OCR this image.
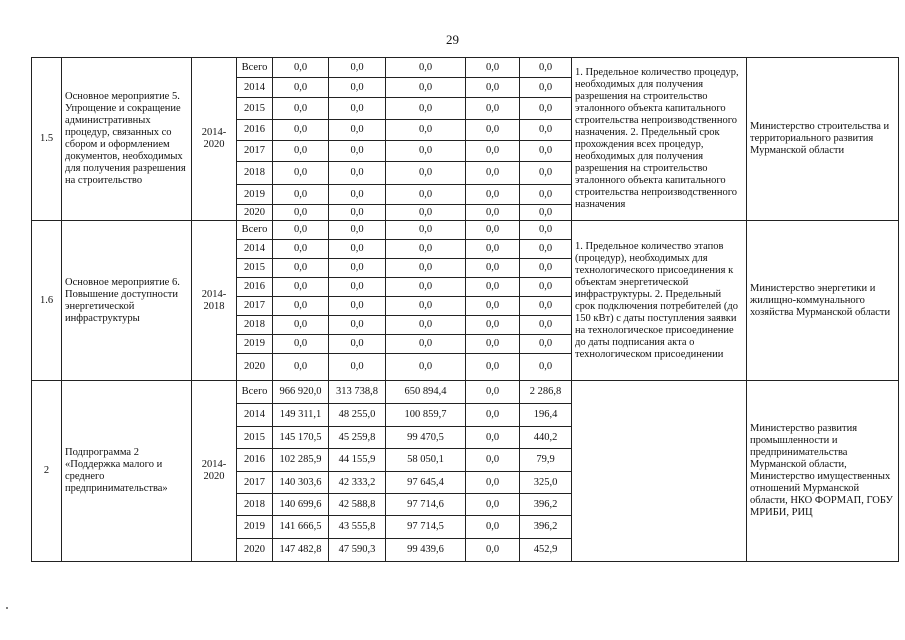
29
1.5	Основное мероприятие 5. Упрощение и сокращение административных процедур, связанных со сбором и оформлением документов, необходимых для получения разрешения на строительство	2014-2020	Всего	0,0	0,0	0,0	0,0	0,0	1. Предельное количество процедур, необходимых для получения разрешения на строительство эталонного объекта капитального строительства непроизводственного назначения. 2. Предельный срок прохождения всех процедур, необходимых для получения разрешения на строительство эталонного объекта капитального строительства непроизводственного назначения	Министерство строительства и территориального развития Мурманской области
			2014	0,0	0,0	0,0	0,0	0,0		
			2015	0,0	0,0	0,0	0,0	0,0		
			2016	0,0	0,0	0,0	0,0	0,0		
			2017	0,0	0,0	0,0	0,0	0,0		
			2018	0,0	0,0	0,0	0,0	0,0		
			2019	0,0	0,0	0,0	0,0	0,0		
			2020	0,0	0,0	0,0	0,0	0,0		
1.6	Основное мероприятие 6. Повышение доступности энергетической инфраструктуры	2014-2018	Всего	0,0	0,0	0,0	0,0	0,0	1. Предельное количество этапов (процедур), необходимых для технологического присоединения к объектам энергетической инфраструктуры. 2. Предельный срок подключения потребителей (до 150 кВт) с даты поступления заявки на технологическое присоединение до даты подписания акта о технологическом присоединении	Министерство энергетики и жилищно-коммунального хозяйства Мурманской области
			2014	0,0	0,0	0,0	0,0	0,0		
			2015	0,0	0,0	0,0	0,0	0,0		
			2016	0,0	0,0	0,0	0,0	0,0		
			2017	0,0	0,0	0,0	0,0	0,0		
			2018	0,0	0,0	0,0	0,0	0,0		
			2019	0,0	0,0	0,0	0,0	0,0		
			2020	0,0	0,0	0,0	0,0	0,0		
2	Подпрограмма 2 «Поддержка малого и среднего предпринимательства»	2014-2020	Всего	966 920,0	313 738,8	650 894,4	0,0	2 286,8		Министерство развития промышленности и предпринимательства Мурманской области, Министерство имущественных отношений Мурманской области, НКО ФОРМАП, ГОБУ МРИБИ, РИЦ
			2014	149 311,1	48 255,0	100 859,7	0,0	196,4		
			2015	145 170,5	45 259,8	99 470,5	0,0	440,2		
			2016	102 285,9	44 155,9	58 050,1	0,0	79,9		
			2017	140 303,6	42 333,2	97 645,4	0,0	325,0		
			2018	140 699,6	42 588,8	97 714,6	0,0	396,2		
			2019	141 666,5	43 555,8	97 714,5	0,0	396,2		
			2020	147 482,8	47 590,3	99 439,6	0,0	452,9		
